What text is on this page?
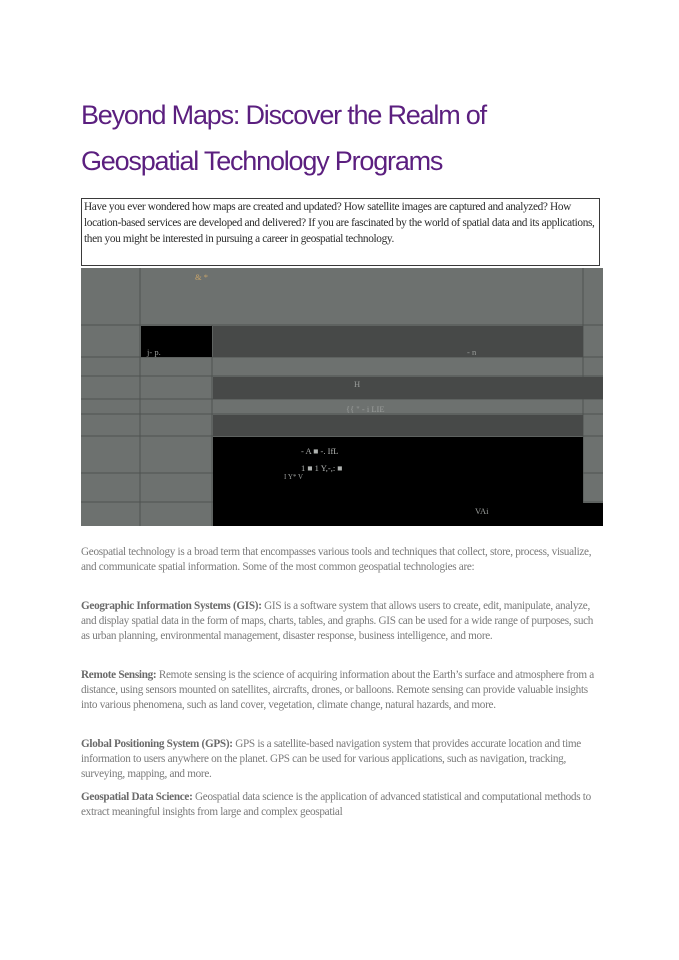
Beyond Maps: Discover the Realm of
Geospatial Technology Programs
Have you ever wondered how maps are created and updated? How satellite images are captured and analyzed? How location-based services are developed and delivered? If you are fascinated by the world of spatial data and its applications, then you might be interested in pursuing a career in geospatial technology.
& *
j- p.	- n
H
{{ " - i LIE
- A ■ -. IfL
1 ■ 1 Y,-,: ■
I Y* V
VAi
Geospatial technology is a broad term that encompasses various tools and techniques that collect, store, process, visualize, and communicate spatial information. Some of the most common geospatial technologies are:
Geographic Information Systems (GIS): GIS is a software system that allows users to create, edit, manipulate, analyze, and display spatial data in the form of maps, charts, tables, and graphs. GIS can be used for a wide range of purposes, such as urban planning, environmental management, disaster response, business intelligence, and more.
Remote Sensing: Remote sensing is the science of acquiring information about the Earth’s surface and atmosphere from a distance, using sensors mounted on satellites, aircrafts, drones, or balloons. Remote sensing can provide valuable insights into various phenomena, such as land cover, vegetation, climate change, natural hazards, and more.
Global Positioning System (GPS): GPS is a satellite-based navigation system that provides accurate location and time information to users anywhere on the planet. GPS can be used for various applications, such as navigation, tracking, surveying, mapping, and more.
Geospatial Data Science: Geospatial data science is the application of advanced statistical and computational methods to extract meaningful insights from large and complex geospatial
